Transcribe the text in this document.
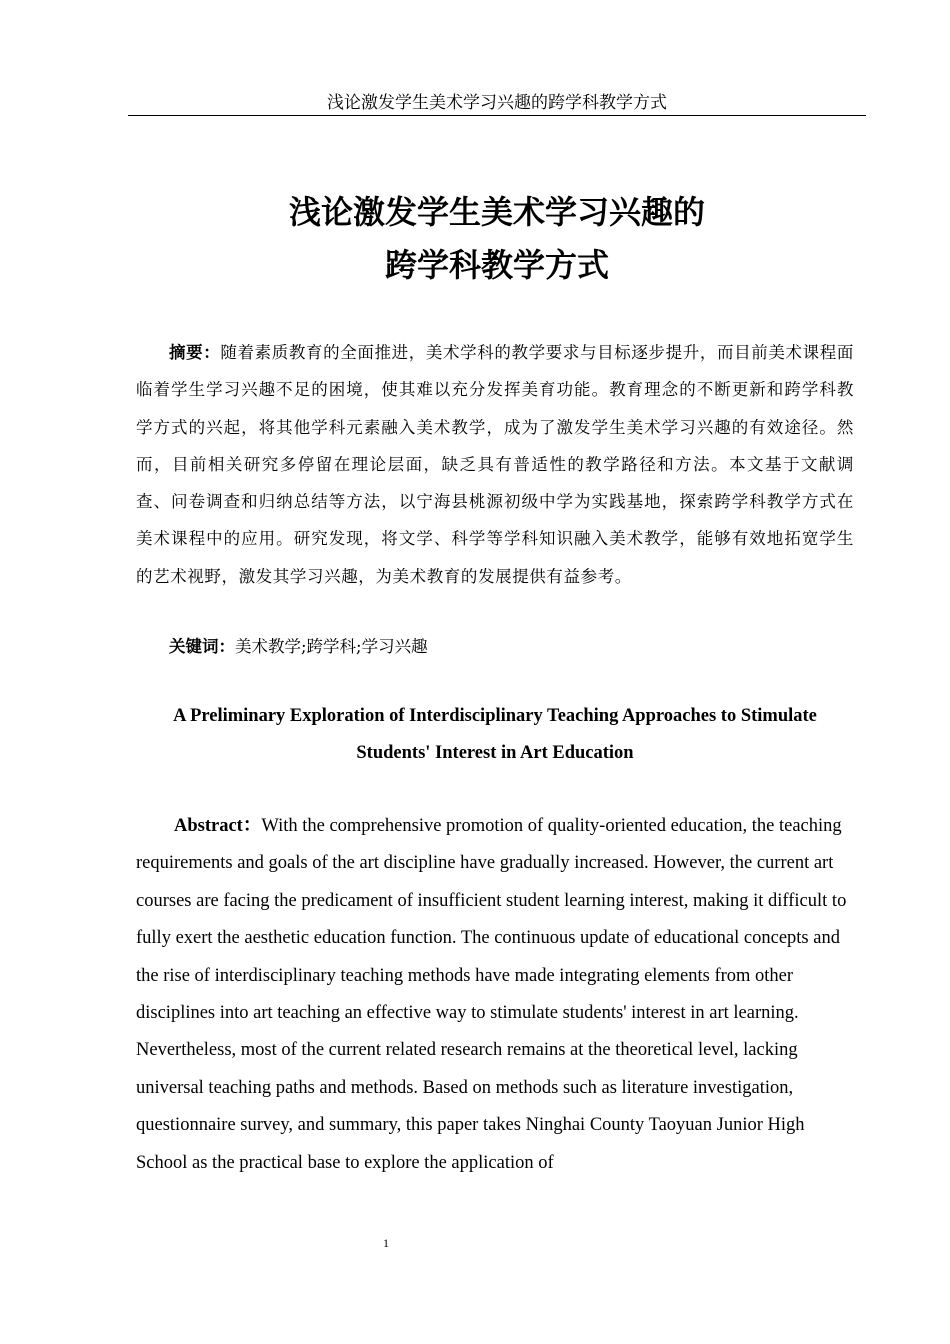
浅论激发学生美术学习兴趣的跨学科教学方式
浅论激发学生美术学习兴趣的
跨学科教学方式
摘要：随着素质教育的全面推进，美术学科的教学要求与目标逐步提升，而目前美术课程面临着学生学习兴趣不足的困境，使其难以充分发挥美育功能。教育理念的不断更新和跨学科教学方式的兴起，将其他学科元素融入美术教学，成为了激发学生美术学习兴趣的有效途径。然而，目前相关研究多停留在理论层面，缺乏具有普适性的教学路径和方法。本文基于文献调查、问卷调查和归纳总结等方法，以宁海县桃源初级中学为实践基地，探索跨学科教学方式在美术课程中的应用。研究发现，将文学、科学等学科知识融入美术教学，能够有效地拓宽学生的艺术视野，激发其学习兴趣，为美术教育的发展提供有益参考。
关键词：美术教学;跨学科;学习兴趣
A Preliminary Exploration of Interdisciplinary Teaching Approaches to Stimulate
Students' Interest in Art Education
Abstract：With the comprehensive promotion of quality-oriented education, the teaching requirements and goals of the art discipline have gradually increased. However, the current art courses are facing the predicament of insufficient student learning interest, making it difficult to fully exert the aesthetic education function. The continuous update of educational concepts and the rise of interdisciplinary teaching methods have made integrating elements from other disciplines into art teaching an effective way to stimulate students' interest in art learning. Nevertheless, most of the current related research remains at the theoretical level, lacking universal teaching paths and methods. Based on methods such as literature investigation, questionnaire survey, and summary, this paper takes Ninghai County Taoyuan Junior High School as the practical base to explore the application of
1
